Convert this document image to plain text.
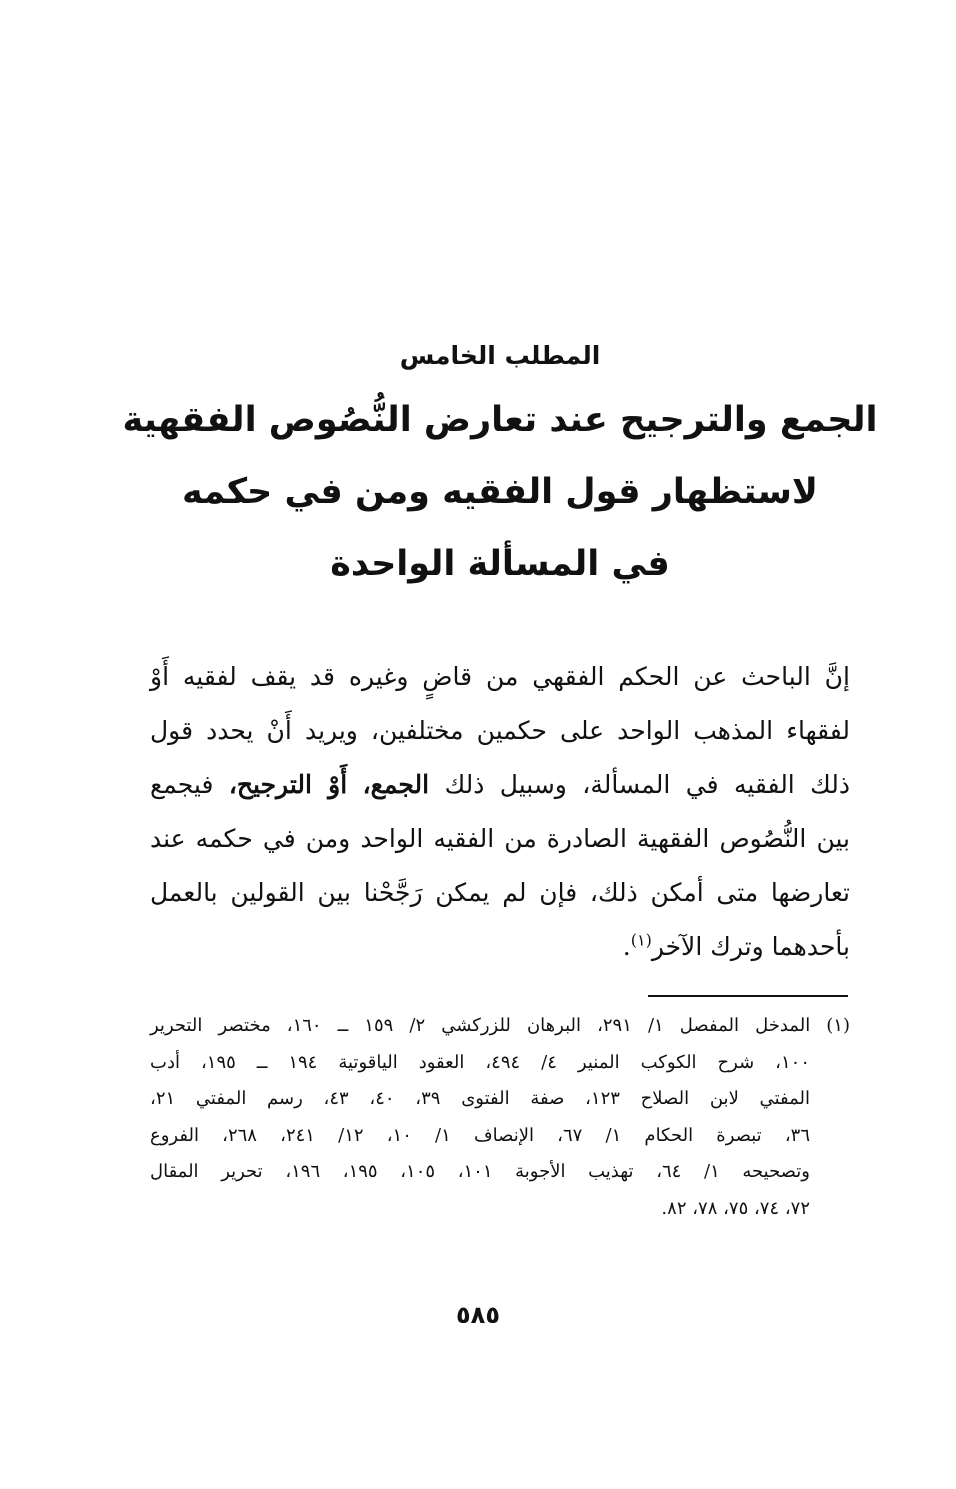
المطلب الخامس
الجمع والترجيح عند تعارض النُّصُوص الفقهية
لاستظهار قول الفقيه ومن في حكمه
في المسألة الواحدة
إنَّ الباحث عن الحكم الفقهي من قاضٍ وغيره قد يقف لفقيه أَوْ
لفقهاء المذهب الواحد على حكمين مختلفين، ويريد أَنْ يحدد قول
ذلك الفقيه في المسألة، وسبيل ذلك الجمع، أَوْ الترجيح، فيجمع
بين النُّصُوص الفقهية الصادرة من الفقيه الواحد ومن في حكمه عند
تعارضها متى أمكن ذلك، فإن لم يمكن رَجَّحْنا بين القولين بالعمل
بأحدهما وترك الآخر$^{(١)}$.
(١) المدخل المفصل ١/ ٢٩١، البرهان للزركشي ٢/ ١٥٩ ــ ١٦٠، مختصر التحرير
١٠٠، شرح الكوكب المنير ٤/ ٤٩٤، العقود الياقوتية ١٩٤ ــ ١٩٥، أدب
المفتي لابن الصلاح ١٢٣، صفة الفتوى ٣٩، ٤٠، ٤٣، رسم المفتي ٢١،
٣٦، تبصرة الحكام ١/ ٦٧، الإنصاف ١/ ١٠، ١٢/ ٢٤١، ٢٦٨، الفروع
وتصحيحه ١/ ٦٤، تهذيب الأجوبة ١٠١، ١٠٥، ١٩٥، ١٩٦، تحرير المقال
٧٢، ٧٤، ٧٥، ٧٨، ٨٢.
٥٨٥
